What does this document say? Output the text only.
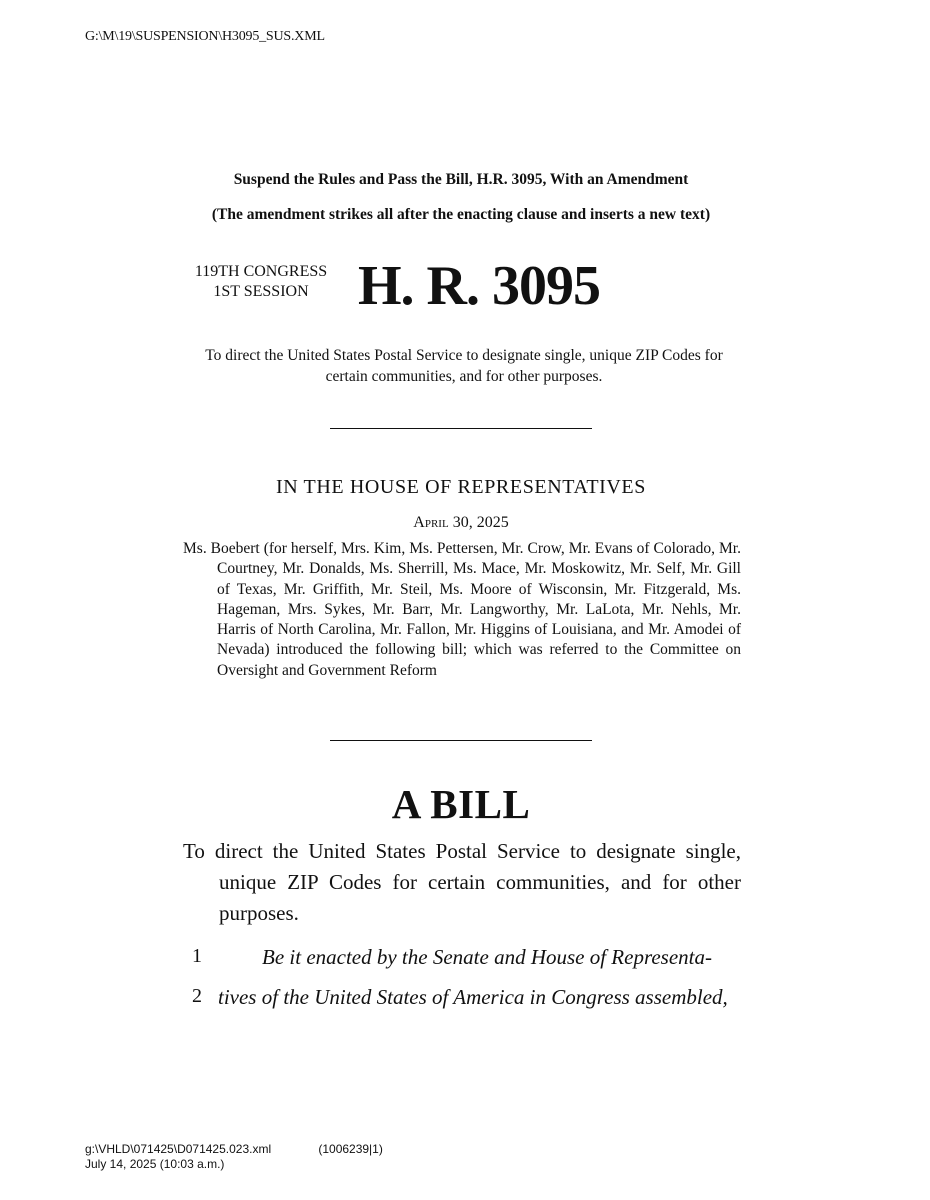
G:\M\19\SUSPENSION\H3095_SUS.XML
Suspend the Rules and Pass the Bill, H.R. 3095, With an Amendment
(The amendment strikes all after the enacting clause and inserts a new text)
119TH CONGRESS
1ST SESSION H. R. 3095
To direct the United States Postal Service to designate single, unique ZIP Codes for certain communities, and for other purposes.
IN THE HOUSE OF REPRESENTATIVES
April 30, 2025
Ms. Boebert (for herself, Mrs. Kim, Ms. Pettersen, Mr. Crow, Mr. Evans of Colorado, Mr. Courtney, Mr. Donalds, Ms. Sherrill, Ms. Mace, Mr. Moskowitz, Mr. Self, Mr. Gill of Texas, Mr. Griffith, Mr. Steil, Ms. Moore of Wisconsin, Mr. Fitzgerald, Ms. Hageman, Mrs. Sykes, Mr. Barr, Mr. Langworthy, Mr. LaLota, Mr. Nehls, Mr. Harris of North Carolina, Mr. Fallon, Mr. Higgins of Louisiana, and Mr. Amodei of Nevada) introduced the following bill; which was referred to the Committee on Oversight and Government Reform
A BILL
To direct the United States Postal Service to designate single, unique ZIP Codes for certain communities, and for other purposes.
1	Be it enacted by the Senate and House of Representa-
2 tives of the United States of America in Congress assembled,
g:\VHLD\071425\D071425.023.xml	(1006239|1)
July 14, 2025 (10:03 a.m.)
